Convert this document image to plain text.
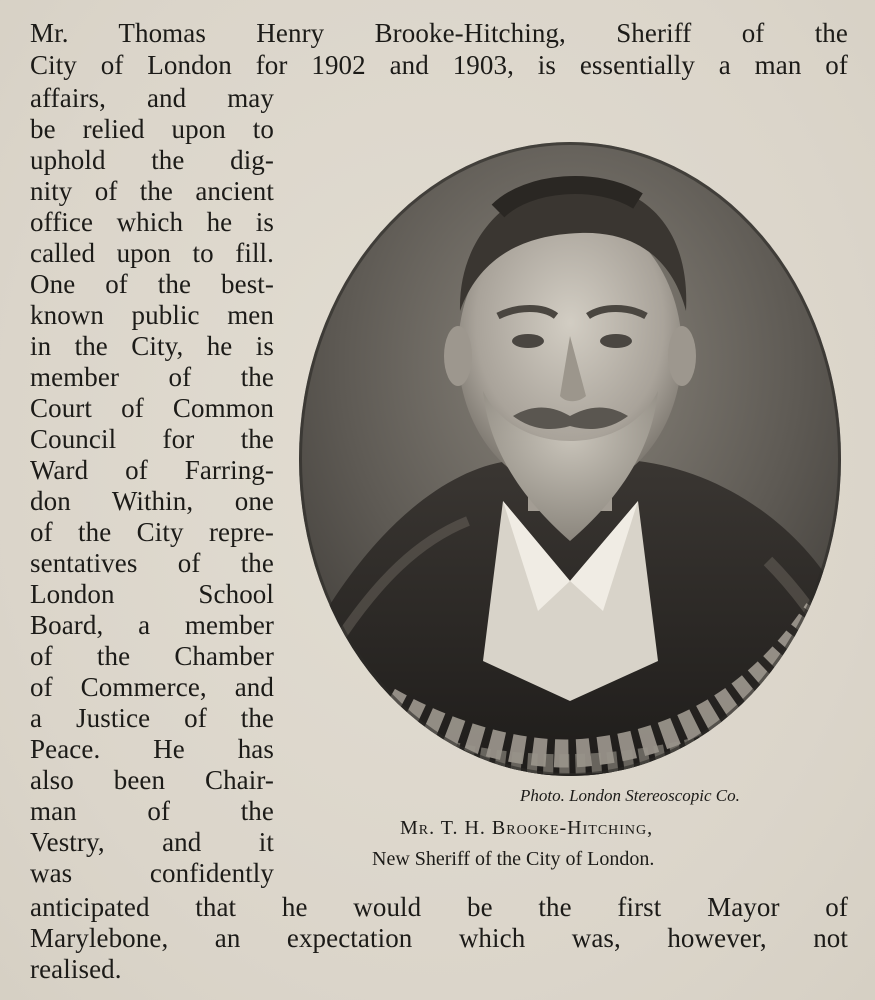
Mr. Thomas Henry Brooke-Hitching, Sheriff of the
City of London for 1902 and 1903, is essentially a man of
affairs, and may
be relied upon to
uphold the dig-
nity of the ancient
office which he is
called upon to fill.
One of the best-
known public men
in the City, he is
member of the
Court of Common
Council for the
Ward of Farring-
don Within, one
of the City repre-
sentatives of the
London School
Board, a member
of the Chamber
of Commerce, and
a Justice of the
Peace. He has
also been Chair-
man of the
Vestry, and it
was confidently
anticipated that he would be the first Mayor of
Marylebone, an expectation which was, however, not
realised.
Photo. London Stereoscopic Co.
Mr. T. H. Brooke-Hitching,
New Sheriff of the City of London.
